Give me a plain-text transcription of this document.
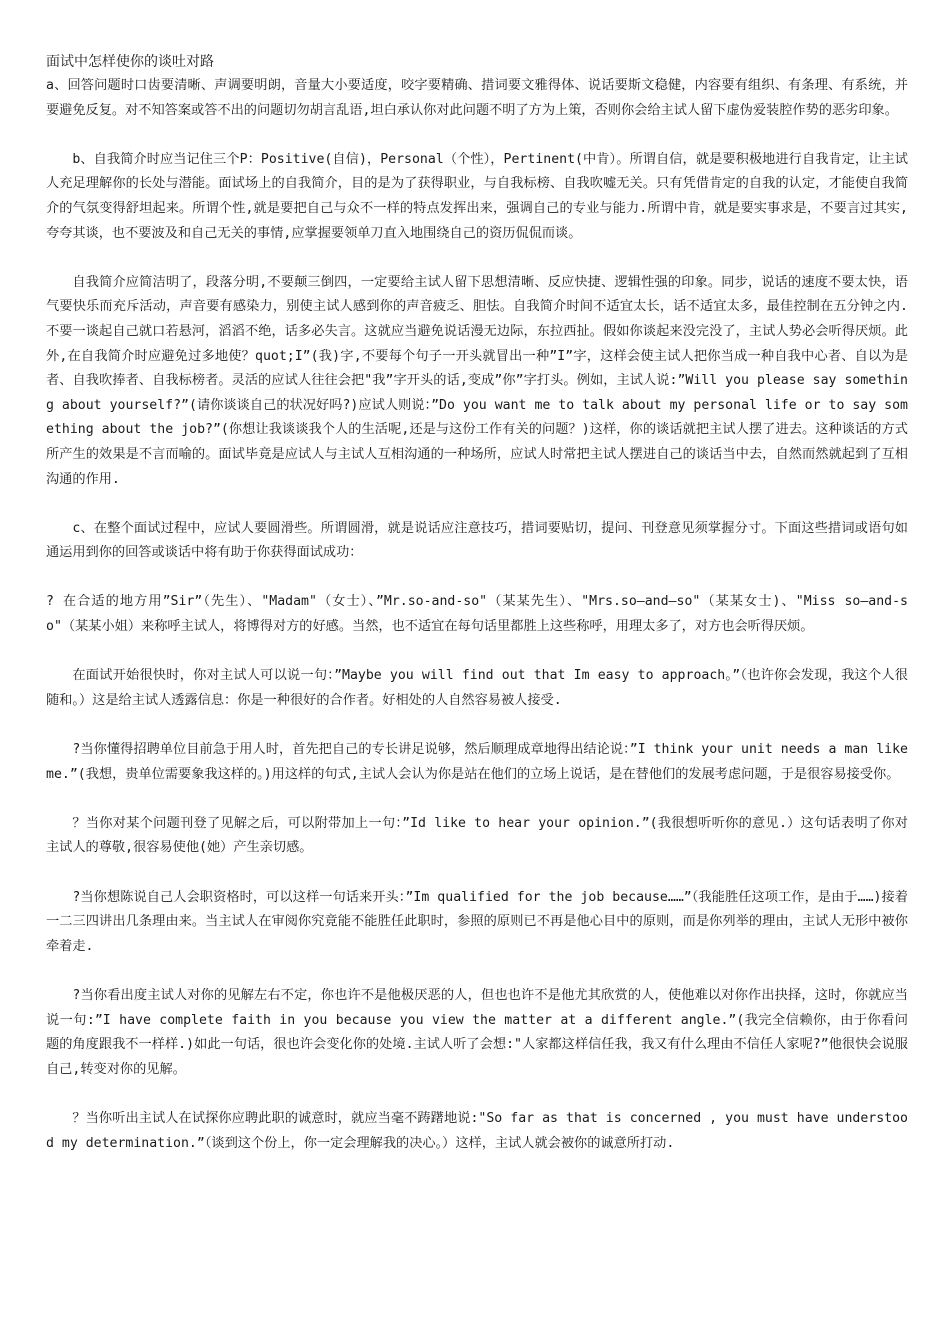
面试中怎样使你的谈吐对路

a、回答问题时口齿要清晰、声调要明朗，音量大小要适度，咬字要精确、措词要文雅得体、说话要斯文稳健，内容要有组织、有条理、有系统，并要避免反复。对不知答案或答不出的问题切勿胡言乱语,坦白承认你对此问题不明了方为上策，否则你会给主试人留下虚伪爱装腔作势的恶劣印象。

b、自我简介时应当记住三个P：Positive(自信)，Personal（个性），Pertinent(中肯）。所谓自信，就是要积极地进行自我肯定，让主试人充足理解你的长处与潜能。面试场上的自我简介，目的是为了获得职业，与自我标榜、自我吹嘘无关。只有凭借肯定的自我的认定，才能使自我简介的气氛变得舒坦起来。所谓个性,就是要把自己与众不一样的特点发挥出来，强调自己的专业与能力.所谓中肯，就是要实事求是，不要言过其实,夸夸其谈，也不要波及和自己无关的事情,应掌握要领单刀直入地围绕自己的资历侃侃而谈。

自我简介应简洁明了，段落分明,不要颠三倒四，一定要给主试人留下思想清晰、反应快捷、逻辑性强的印象。同步，说话的速度不要太快，语气要快乐而充斥活动，声音要有感染力，别使主试人感到你的声音疲乏、胆怯。自我简介时间不适宜太长，话不适宜太多，最佳控制在五分钟之内.不要一谈起自己就口若悬河，滔滔不绝，话多必失言。这就应当避免说话漫无边际，东拉西扯。假如你谈起来没完没了，主试人势必会听得厌烦。此外,在自我简介时应避免过多地使？quot;I”(我)字,不要每个句子一开头就冒出一种”I”字，这样会使主试人把你当成一种自我中心者、自以为是者、自我吹捧者、自我标榜者。灵活的应试人往往会把"我”字开头的话,变成”你”字打头。例如，主试人说:”Will you please say something about yourself?”(请你谈谈自己的状况好吗?)应试人则说：”Do you want me to talk about my personal life or to say something about the job?”(你想让我谈谈我个人的生活呢,还是与这份工作有关的问题？)这样，你的谈话就把主试人摆了进去。这种谈话的方式所产生的效果是不言而喻的。面试毕竟是应试人与主试人互相沟通的一种场所，应试人时常把主试人摆进自己的谈话当中去，自然而然就起到了互相沟通的作用.

c、在整个面试过程中，应试人要圆滑些。所谓圆滑，就是说话应注意技巧，措词要贴切，提问、刊登意见须掌握分寸。下面这些措词或语句如通运用到你的回答或谈话中将有助于你获得面试成功：

? 在合适的地方用”Sir”（先生）、"Madam"（女士）、”Mr.so-and-so"（某某先生）、"Mrs.so—and—so"（某某女士)、"Miss so—and-so"（某某小姐）来称呼主试人，将博得对方的好感。当然，也不适宜在每句话里都胜上这些称呼，用理太多了，对方也会听得厌烦。

在面试开始很快时，你对主试人可以说一句：”Maybe you will find out that Im easy to approach。”（也许你会发现，我这个人很随和。）这是给主试人透露信息：你是一种很好的合作者。好相处的人自然容易被人接受.

?当你懂得招聘单位目前急于用人时，首先把自己的专长讲足说够，然后顺理成章地得出结论说：”I think your unit needs a man like me.”(我想，贵单位需要象我这样的。)用这样的句式,主试人会认为你是站在他们的立场上说话，是在替他们的发展考虑问题，于是很容易接受你。

？当你对某个问题刊登了见解之后，可以附带加上一句：”Id like to hear your opinion.”(我很想听听你的意见.）这句话表明了你对主试人的尊敬,很容易使他(她）产生亲切感。

?当你想陈说自己人会职资格时，可以这样一句话来开头：”Im qualified for the job because……”（我能胜任这项工作，是由于……)接着一二三四讲出几条理由来。当主试人在审阅你究竟能不能胜任此职时，参照的原则已不再是他心目中的原则，而是你列举的理由，主试人无形中被你牵着走.

?当你看出度主试人对你的见解左右不定，你也许不是他极厌恶的人，但也也许不是他尤其欣赏的人，使他难以对你作出抉择，这时，你就应当说一句:”I have complete faith in you because you view the matter at a different angle.”(我完全信赖你，由于你看问题的角度跟我不一样样.)如此一句话，很也许会变化你的处境.主试人听了会想:"人家都这样信任我，我又有什么理由不信任人家呢?”他很快会说服自己,转变对你的见解。

？当你听出主试人在试探你应聘此职的诚意时，就应当毫不踌躇地说:"So far as that is concerned , you must have understood my determination.”（谈到这个份上，你一定会理解我的决心。）这样，主试人就会被你的诚意所打动.
